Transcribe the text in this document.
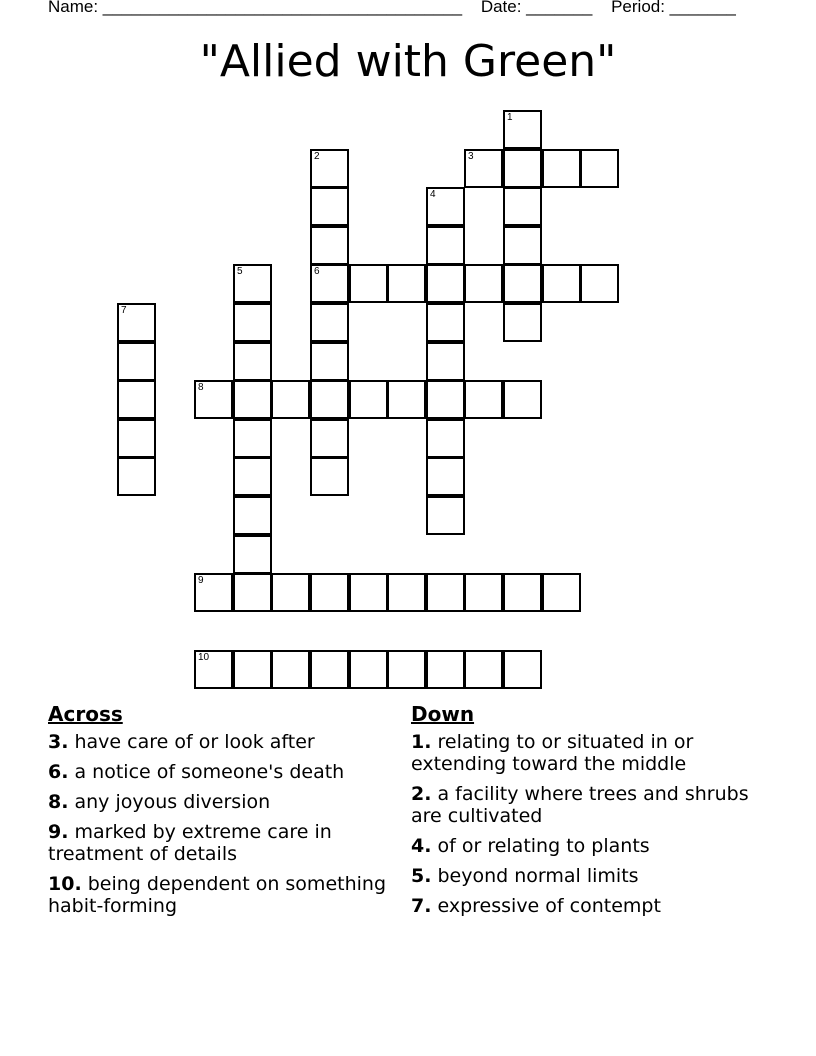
Name: ______________________________________ Date: _______ Period: _______
"Allied with Green"
1
2
6
3
4
5
7
8
9
10
Across
3. have care of or look after
6. a notice of someone's death
8. any joyous diversion
9. marked by extreme care in treatment of details
10. being dependent on something habit-forming
Down
1. relating to or situated in or extending toward the middle
2. a facility where trees and shrubs are cultivated
4. of or relating to plants
5. beyond normal limits
7. expressive of contempt
